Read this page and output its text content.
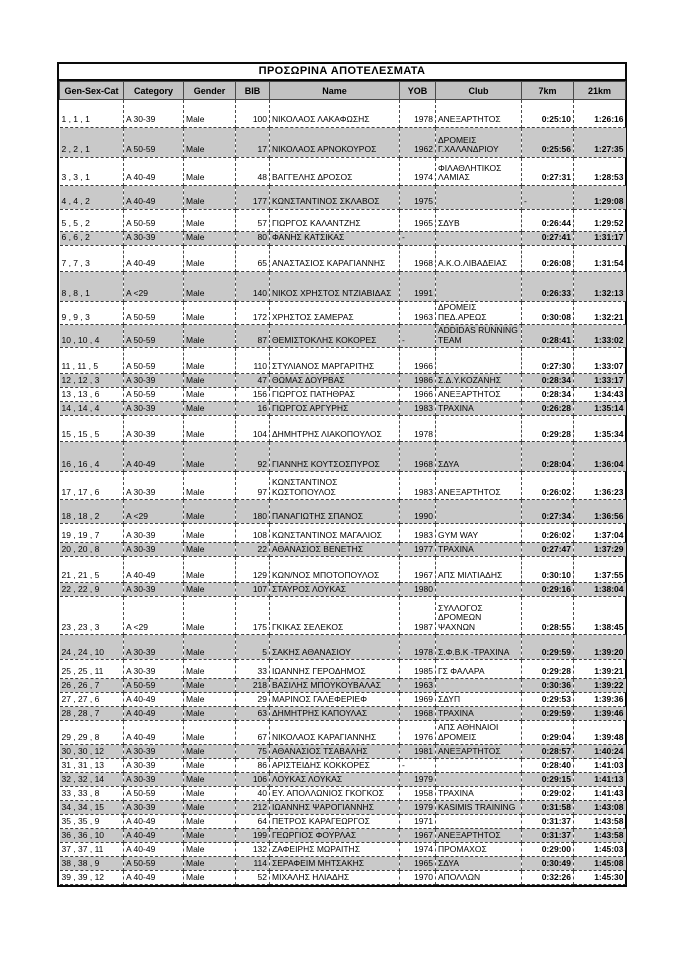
ΠΡΟΣΩΡΙΝΑ ΑΠΟΤΕΛΕΣΜΑΤΑ
Gen-Sex-Cat	Category	Gender	BIB	Name	YOB	Club	7km	21km
1 , 1 , 1	A 30-39	Male	100	ΝΙΚΟΛΑΟΣ ΛΑΚΑΦΩΣΗΣ	1978	ΑΝΕΞΑΡΤΗΤΟΣ	0:25:10	1:26:16
2 , 2 , 1	A 50-59	Male	17	ΝΙΚΟΛΑΟΣ ΑΡΝΟΚΟΥΡΟΣ	1962	ΔΡΟΜΕΙΣ Γ.ΧΑΛΑΝΔΡΙΟΥ	0:25:56	1:27:35
3 , 3 , 1	A 40-49	Male	48	ΒΑΓΓΕΛΗΣ ΔΡΟΣΟΣ	1974	ΦΙΛΑΘΛΗΤΙΚΟΣ ΛΑΜΙΑΣ	0:27:31	1:28:53
4 , 4 , 2	A 40-49	Male	177	ΚΩΝΣΤΑΝΤΙΝΟΣ ΣΚΛΑΒΟΣ	1975		-	1:29:08
5 , 5 , 2	A 50-59	Male	57	ΓΙΩΡΓΟΣ ΚΑΛΑΝΤΖΗΣ	1965	ΣΔΥΒ	0:26:44	1:29:52
6 , 6 , 2	A 30-39	Male	80	ΦΑΝΗΣ ΚΑΤΣΙΚΑΣ	-		0:27:41	1:31:17
7 , 7 , 3	A 40-49	Male	65	ΑΝΑΣΤΑΣΙΟΣ ΚΑΡΑΓΙΑΝΝΗΣ	1968	Α.Κ.Ο.ΛΙΒΑΔΕΙΑΣ	0:26:08	1:31:54
8 , 8 , 1	A <29	Male	140	ΝΙΚΟΣ ΧΡΗΣΤΟΣ ΝΤΖΙΑΒΙΔΑΣ	1991		0:26:33	1:32:13
9 , 9 , 3	A 50-59	Male	172	ΧΡΗΣΤΟΣ ΣΑΜΕΡΑΣ	1963	ΔΡΟΜΕΙΣ ΠΕΔ.ΑΡΕΩΣ	0:30:08	1:32:21
10 , 10 , 4	A 50-59	Male	87	ΘΕΜΙΣΤΟΚΛΗΣ ΚΟΚΟΡΕΣ	-	ADDIDAS RUNNING TEAM	0:28:41	1:33:02
11 , 11 , 5	A 50-59	Male	110	ΣΤΥΛΙΑΝΟΣ ΜΑΡΓΑΡΙΤΗΣ	1966		0:27:30	1:33:07
12 , 12 , 3	A 30-39	Male	47	ΘΩΜΑΣ ΔΟΥΡΒΑΣ	1986	Σ.Δ.Υ.ΚΟΖΑΝΗΣ	0:28:34	1:33:17
13 , 13 , 6	A 50-59	Male	156	ΓΙΩΡΓΟΣ ΠΑΤΗΘΡΑΣ	1966	ΑΝΕΞΑΡΤΗΤΟΣ	0:28:34	1:34:43
14 , 14 , 4	A 30-39	Male	16	ΓΙΩΡΓΟΣ ΑΡΓΥΡΗΣ	1983	ΤΡΑΧΙΝΑ	0:26:28	1:35:14
15 , 15 , 5	A 30-39	Male	104	ΔΗΜΗΤΡΗΣ ΛΙΑΚΟΠΟΥΛΟΣ	1978		0:29:28	1:35:34
16 , 16 , 4	A 40-49	Male	92	ΓΙΑΝΝΗΣ ΚΟΥΤΣΟΣΠΥΡΟΣ	1968	ΣΔΥΑ	0:28:04	1:36:04
17 , 17 , 6	A 30-39	Male	97	ΚΩΝΣΤΑΝΤΙΝΟΣ ΚΩΣΤΟΠΟΥΛΟΣ	1983	ΑΝΕΞΑΡΤΗΤΟΣ	0:26:02	1:36:23
18 , 18 , 2	A <29	Male	180	ΠΑΝΑΓΙΩΤΗΣ ΣΠΑΝΟΣ	1990		0:27:34	1:36:56
19 , 19 , 7	A 30-39	Male	108	ΚΩΝΣΤΑΝΤΙΝΟΣ ΜΑΓΑΛΙΟΣ	1983	GYM WAY	0:26:02	1:37:04
20 , 20 , 8	A 30-39	Male	22	ΑΘΑΝΑΣΙΟΣ ΒΕΝΕΤΗΣ	1977	ΤΡΑΧΙΝΑ	0:27:47	1:37:29
21 , 21 , 5	A 40-49	Male	129	ΚΩΝ/ΝΟΣ ΜΠΟΤΟΠΟΥΛΟΣ	1967	ΑΠΣ ΜΙΛΤΙΑΔΗΣ	0:30:10	1:37:55
22 , 22 , 9	A 30-39	Male	107	ΣΤΑΥΡΟΣ ΛΟΥΚΑΣ	1980		0:29:16	1:38:04
23 , 23 , 3	A <29	Male	175	ΓΚΙΚΑΣ ΣΕΛΕΚΟΣ	1987	ΣΥΛΛΟΓΟΣ ΔΡΟΜΕΩΝ ΨΑΧΝΩΝ	0:28:55	1:38:45
24 , 24 , 10	A 30-39	Male	5	ΣΑΚΗΣ ΑΘΑΝΑΣΙΟΥ	1978	Σ.Φ.Β.Κ -ΤΡΑΧΙΝΑ	0:29:59	1:39:20
25 , 25 , 11	A 30-39	Male	33	ΙΩΑΝΝΗΣ ΓΕΡΟΔΗΜΟΣ	1985	ΓΣ ΦΑΛΑΡΑ	0:29:28	1:39:21
26 , 26 , 7	A 50-59	Male	218	ΒΑΣΙΛΗΣ ΜΠΟΥΚΟΥΒΑΛΑΣ	1963		0:30:36	1:39:22
27 , 27 , 6	A 40-49	Male	29	ΜΑΡΙΝΟΣ ΓΑΛΕΦΕΡΙΕΦ	1969	ΣΔΥΠ	0:29:53	1:39:36
28 , 28 , 7	A 40-49	Male	63	ΔΗΜΗΤΡΗΣ ΚΑΠΟΥΛΑΣ	1968	ΤΡΑΧΙΝΑ	0:29:59	1:39:46
29 , 29 , 8	A 40-49	Male	67	ΝΙΚΟΛΑΟΣ ΚΑΡΑΓΙΑΝΝΗΣ	1976	ΑΠΣ ΑΘΗΝΑΙΟΙ ΔΡΟΜΕΙΣ	0:29:04	1:39:48
30 , 30 , 12	A 30-39	Male	75	ΑΘΑΝΑΣΙΟΣ ΤΣΑΒΑΛΗΣ	1981	ΑΝΕΞΑΡΤΗΤΟΣ	0:28:57	1:40:24
31 , 31 , 13	A 30-39	Male	86	ΑΡΙΣΤΕΙΔΗΣ ΚΟΚΚΟΡΕΣ	-		0:28:40	1:41:03
32 , 32 , 14	A 30-39	Male	106	ΛΟΥΚΑΣ ΛΟΥΚΑΣ	1979		0:29:15	1:41:13
33 , 33 , 8	A 50-59	Male	40	ΕΥ. ΑΠΟΛΛΩΝΙΟΣ ΓΚΟΓΚΟΣ	1958	ΤΡΑΧΙΝΑ	0:29:02	1:41:43
34 , 34 , 15	A 30-39	Male	212	ΙΩΑΝΝΗΣ ΨΑΡΟΓΙΑΝΝΗΣ	1979	KASIMIS TRAINING	0:31:58	1:43:08
35 , 35 , 9	A 40-49	Male	64	ΠΕΤΡΟΣ ΚΑΡΑΓΕΩΡΓΟΣ	1971		0:31:37	1:43:58
36 , 36 , 10	A 40-49	Male	199	ΓΕΩΡΓΙΟΣ ΦΟΥΡΛΑΣ	1967	ΑΝΕΞΑΡΤΗΤΟΣ	0:31:37	1:43:58
37 , 37 , 11	A 40-49	Male	132	ΖΑΦΕΙΡΗΣ ΜΩΡΑΙΤΗΣ	1974	ΠΡΟΜΑΧΟΣ	0:29:00	1:45:03
38 , 38 , 9	A 50-59	Male	114	ΣΕΡΑΦΕΙΜ ΜΗΤΣΑΚΗΣ	1965	ΣΔΥΑ	0:30:49	1:45:08
39 , 39 , 12	A 40-49	Male	52	ΜΙΧΑΛΗΣ ΗΛΙΑΔΗΣ	1970	ΑΠΟΛΛΩΝ	0:32:26	1:45:30
